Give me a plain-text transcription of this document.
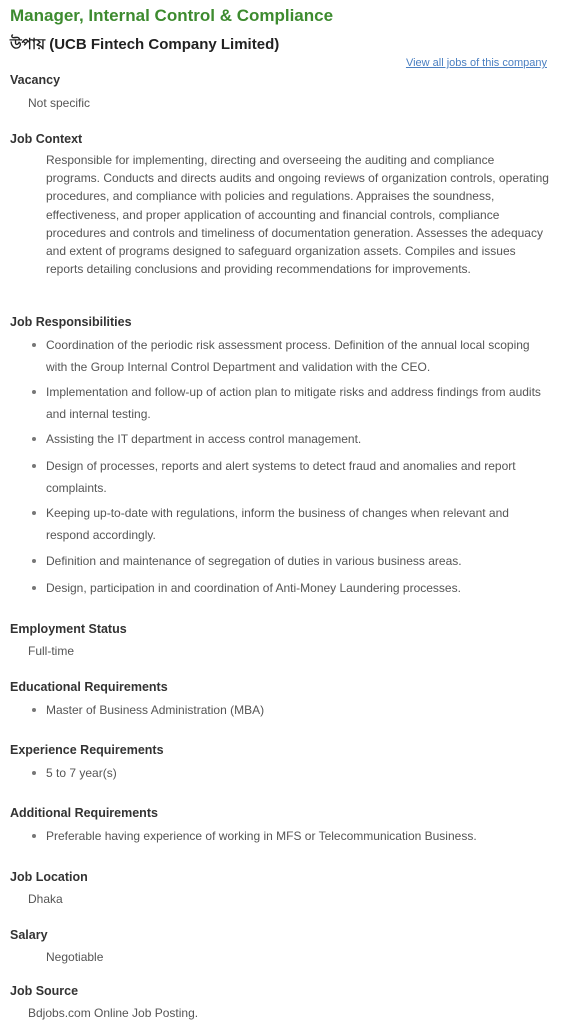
Manager, Internal Control & Compliance
উপায় (UCB Fintech Company Limited)
View all jobs of this company
Vacancy
Not specific
Job Context
Responsible for implementing, directing and overseeing the auditing and compliance programs. Conducts and directs audits and ongoing reviews of organization controls, operating procedures, and compliance with policies and regulations. Appraises the soundness, effectiveness, and proper application of accounting and financial controls, compliance procedures and controls and timeliness of documentation generation. Assesses the adequacy and extent of programs designed to safeguard organization assets. Compiles and issues reports detailing conclusions and providing recommendations for improvements.
Job Responsibilities
Coordination of the periodic risk assessment process. Definition of the annual local scoping with the Group Internal Control Department and validation with the CEO.
Implementation and follow-up of action plan to mitigate risks and address findings from audits and internal testing.
Assisting the IT department in access control management.
Design of processes, reports and alert systems to detect fraud and anomalies and report complaints.
Keeping up-to-date with regulations, inform the business of changes when relevant and respond accordingly.
Definition and maintenance of segregation of duties in various business areas.
Design, participation in and coordination of Anti-Money Laundering processes.
Employment Status
Full-time
Educational Requirements
Master of Business Administration (MBA)
Experience Requirements
5 to 7 year(s)
Additional Requirements
Preferable having experience of working in MFS or Telecommunication Business.
Job Location
Dhaka
Salary
Negotiable
Job Source
Bdjobs.com Online Job Posting.
